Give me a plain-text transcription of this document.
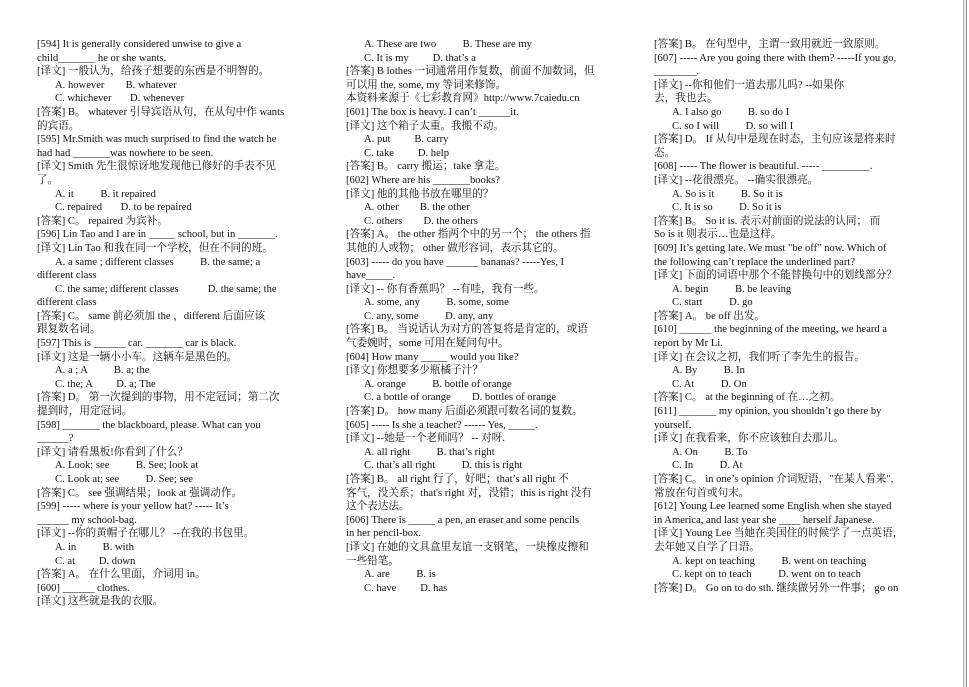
[594] It is generally considered unwise to give a
child_______ he or she wants.
[译文] 一般认为，给孩子想要的东西是不明智的。
A. however        B. whatever
C. whichever       D. whenever
[答案] B。 whatever 引导宾语从句，在从句中作 wants
的宾语。
[595] Mr.Smith was much surprised to find the watch he
had had _______was nowhere to be seen.
[译文] Smith 先生很惊讶地发现他已修好的手表不见
了。
A. it          B. it repaired
C. repaired       D. to be repaired
[答案] C。 repaired 为宾补。
[596] Lin Tao and I are in _____ school, but in _______.
[译文] Lin Tao 和我在同一个学校，但在不同的班。
A. a same ; different classes          B. the same; a
different class
C. the same; different classes           D. the same; the
different class
[答案] C。 same 前必须加 the ，different 后面应该
跟复数名词。
[597] This is ______ car. _______ car is black.
[译文] 这是一辆小小车。这辆车是黑色的。
A. a ; A          B. a; the
C. the; A         D. a; The
[答案] D。 第一次提到的事物，用不定冠词；第二次
提到时，用定冠词。
[598] _______ the blackboard, please. What can you
______?
[译文] 请看黑板!你看到了什么？
A. Look; see          B. See; look at
C. Look at; see          D. See; see
[答案] C。 see 强调结果；look at 强调动作。
[599] ----- where is your yellow hat? ----- It’s
______ my school-bag.
[译文] --你的黄帽子在哪儿？ --在我的书包里。
A. in          B. with
C. at         D. down
[答案] A。 在什么里面，介词用 in。
[600] ______ clothes.
[译文] 这些就是我的衣服。
A. These are two          B. These are my
C. It is my         D. that’s a
[答案] B lothes 一词通常用作复数，前面不加数词，但
可以用 the, some, my 等词来修饰。
本资料来源于《七彩教育网》http://www.7caiedu.cn
[601] The box is heavy. I can’t ______it.
[译文] 这个箱子太重。我搬不动。
A. put         B. carry
C. take         D. help
[答案] B。 carry 搬运；take 拿走。
[602] Where are his _______books?
[译文] 他的其他书放在哪里的？
A. other        B. the other
C. others        D. the others
[答案] A。 the other 指两个中的另一个； the others 指
其他的人或物； other 做形容词，表示其它的。
[603] ----- do you have ______ bananas? -----Yes, I
have_____.
[译文] -- 你有香蕉吗？ --有哇，我有一些。
A. some, any          B. some, some
C. any, some          D. any, any
[答案] B。 当说话认为对方的答复将是肯定的，或语
气委婉时，some 可用在疑问句中。
[604] How many _____ would you like?
[译文] 你想要多少瓶橘子汁？
A. orange          B. bottle of orange
C. a bottle of orange        D. bottles of orange
[答案] D。 how many 后面必须跟可数名词的复数。
[605] ----- Is she a teacher? ------ Yes, _____.
[译文] --她是一个老师吗？ -- 对呀.
A. all right          B. that’s right
C. that’s all right          D. this is right
[答案] B。 all right 行了，好吧；that’s all right 不
客气，没关系；that's right 对，没错；this is right 没有
这个表达法。
[606] There is _____ a pen, an eraser and some pencils
in her pencil-box.
[译文] 在她的文具盒里友谊一支钢笔，一块橡皮擦和
一些铅笔。
A. are          B. is
C. have         D. has
[答案] B。 在句型中，主谓一致用就近一致原则。
[607] ----- Are you going there with them? -----If you go,
________.
[译文] --你和他们一道去那儿吗? --如果你
去，我也去。
A. I also go          B. so do I
C. so I will          D. so will I
[答案] D。 If 从句中是现在时态，主句应该是将来时
态。
[608] ----- The flower is beautiful. ----- _________.
[译文] --花很漂亮。 --确实很漂亮。
A. So is it          B. So it is
C. It is so          D. So it is
[答案] B。 So it is. 表示对前面的说法的认同； 而
So is it 则表示…也是这样。
[609] It’s getting late. We must "be off" now. Which of
the following can’t replace the underlined part?
[译文] 下面的词语中那个不能替换句中的划线部分？
A. begin          B. be leaving
C. start          D. go
[答案] A。 be off 出发。
[610] ______ the beginning of the meeting, we heard a
report by Mr Li.
[译文] 在会议之初，我们听了李先生的报告。
A. By          B. In
C. At          D. On
[答案] C。 at the beginning of 在…之初。
[611] _______ my opinion, you shouldn’t go there by
yourself.
[译文] 在我看来，你不应该独自去那儿。
A. On          B. To
C. In          D. At
[答案] C。 in one’s opinion 介词短语，"在某人看来",
常放在句首或句末。
[612] Young Lee learned some English when she stayed
in America, and last year she ____ herself Japanese.
[译文] Young Lee 当她在美国住的时候学了一点英语，
去年她又自学了日语。
A. kept on teaching          B. went on teaching
C. kept on to teach          D. went on to teach
[答案] D。 Go on to do sth. 继续做另外一件事； go on
